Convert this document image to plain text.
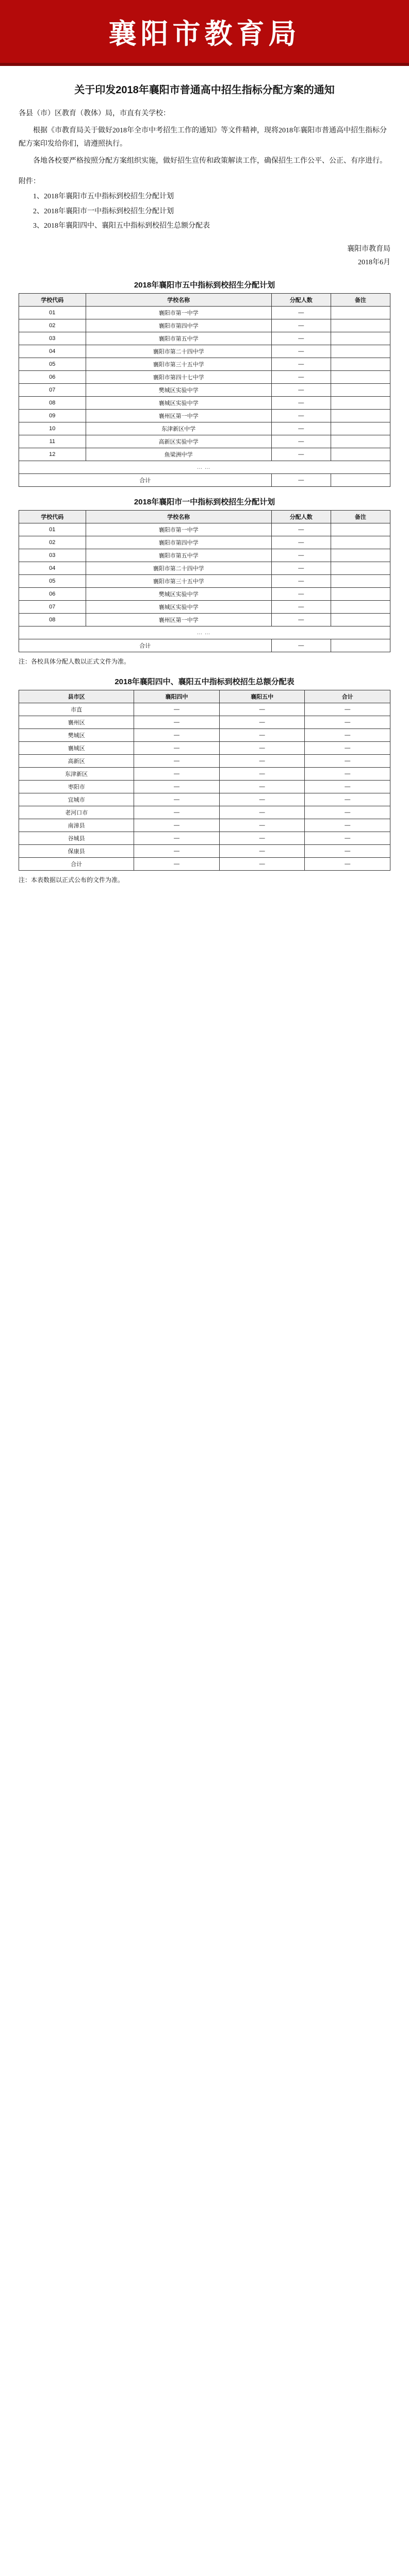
襄阳市教育局
关于印发2018年襄阳市普通高中招生指标分配方案的通知

各县（市）区教育（教体）局，市直有关学校：

根据《市教育局关于做好2018年全市中考招生工作的通知》等文件精神，现将2018年襄阳市普通高中招生指标分配方案印发给你们，请遵照执行。

各地各校要严格按照分配方案组织实施，做好招生宣传和政策解读工作，确保招生工作公平、公正、有序进行。

附件：
1、2018年襄阳市五中指标到校招生分配计划
2、2018年襄阳市一中指标到校招生分配计划
3、2018年襄阳四中、襄阳五中指标到校招生总额分配表
襄阳市教育局
2018年6月
2018年襄阳市五中指标到校招生分配计划
学校代码	学校名称	分配人数	备注
01	襄阳市第一中学	—	
02	襄阳市第四中学	—	
03	襄阳市第五中学	—	
04	襄阳市第二十四中学	—	
05	襄阳市第三十五中学	—	
06	襄阳市第四十七中学	—	
07	樊城区实验中学	—	
08	襄城区实验中学	—	
09	襄州区第一中学	—	
10	东津新区中学	—	
11	高新区实验中学	—	
12	鱼梁洲中学	—	
……			
合计		—	
2018年襄阳市一中指标到校招生分配计划
学校代码	学校名称	分配人数	备注
01	襄阳市第一中学	—	
02	襄阳市第四中学	—	
03	襄阳市第五中学	—	
04	襄阳市第二十四中学	—	
05	襄阳市第三十五中学	—	
06	樊城区实验中学	—	
07	襄城区实验中学	—	
08	襄州区第一中学	—	
……			
合计		—	
注：各校具体分配人数以正式文件为准。
2018年襄阳四中、襄阳五中指标到校招生总额分配表
县市区	襄阳四中	襄阳五中	合计
市直	—	—	—
襄州区	—	—	—
樊城区	—	—	—
襄城区	—	—	—
高新区	—	—	—
东津新区	—	—	—
枣阳市	—	—	—
宜城市	—	—	—
老河口市	—	—	—
南漳县	—	—	—
谷城县	—	—	—
保康县	—	—	—
合计	—	—	—
注：本表数据以正式公布的文件为准。
